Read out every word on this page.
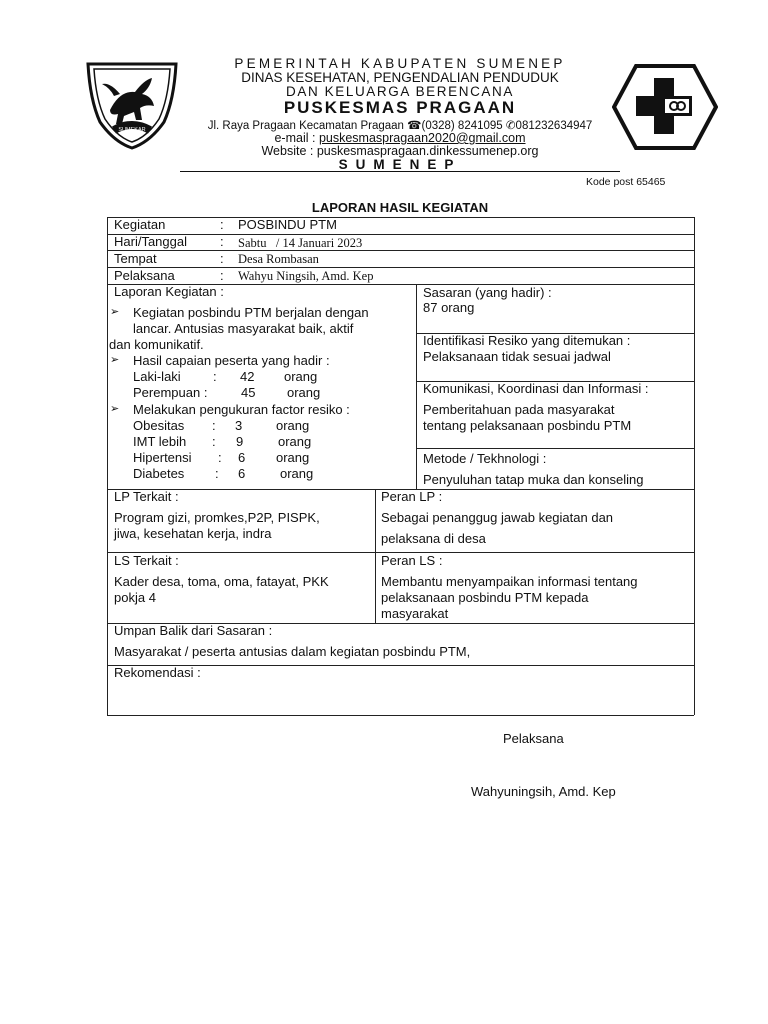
SUMEKAR
PEMERINTAH KABUPATEN SUMENEP
DINAS KESEHATAN, PENGENDALIAN PENDUDUK
DAN KELUARGA BERENCANA
PUSKESMAS PRAGAAN
Jl. Raya Pragaan Kecamatan Pragaan ☎(0328) 8241095 ✆081232634947
e-mail : puskesmaspragaan2020@gmail.com
Website : puskesmaspragaan.dinkessumenep.org
SUMENEP
Kode post 65465
LAPORAN HASIL KEGIATAN
Kegiatan	: POSBINDU PTM
Hari/Tanggal	: Sabtu   / 14 Januari 2023
Tempat	: Desa Rombasan
Pelaksana	: Wahyu Ningsih, Amd. Kep
Laporan Kegiatan :
➢ Kegiatan posbindu PTM berjalan dengan
lancar. Antusias masyarakat baik, aktif
dan komunikatif.
➢ Hasil capaian peserta yang hadir :
Laki-laki : 42 orang
Perempuan :	45 orang
➢ Melakukan pengukuran factor resiko :
Obesitas : 3	orang
IMT lebih : 9	orang
Hipertensi : 6 orang
Diabetes : 6	orang
Sasaran (yang hadir) :
87 orang
Identifikasi Resiko yang ditemukan :
Pelaksanaan tidak sesuai jadwal
Komunikasi, Koordinasi dan Informasi :
Pemberitahuan pada masyarakat
tentang pelaksanaan posbindu PTM
Metode / Tekhnologi :
Penyuluhan tatap muka dan konseling
LP Terkait :
Program gizi, promkes,P2P, PISPK,
jiwa, kesehatan kerja, indra
Peran LP :
Sebagai penanggug jawab kegiatan dan
pelaksana di desa
LS Terkait :
Kader desa, toma, oma, fatayat, PKK
pokja 4
Peran LS :
Membantu menyampaikan informasi tentang
pelaksanaan posbindu PTM kepada
masyarakat
Umpan Balik dari Sasaran :
Masyarakat / peserta antusias dalam kegiatan posbindu PTM,
Rekomendasi :
Pelaksana
Wahyuningsih, Amd. Kep
